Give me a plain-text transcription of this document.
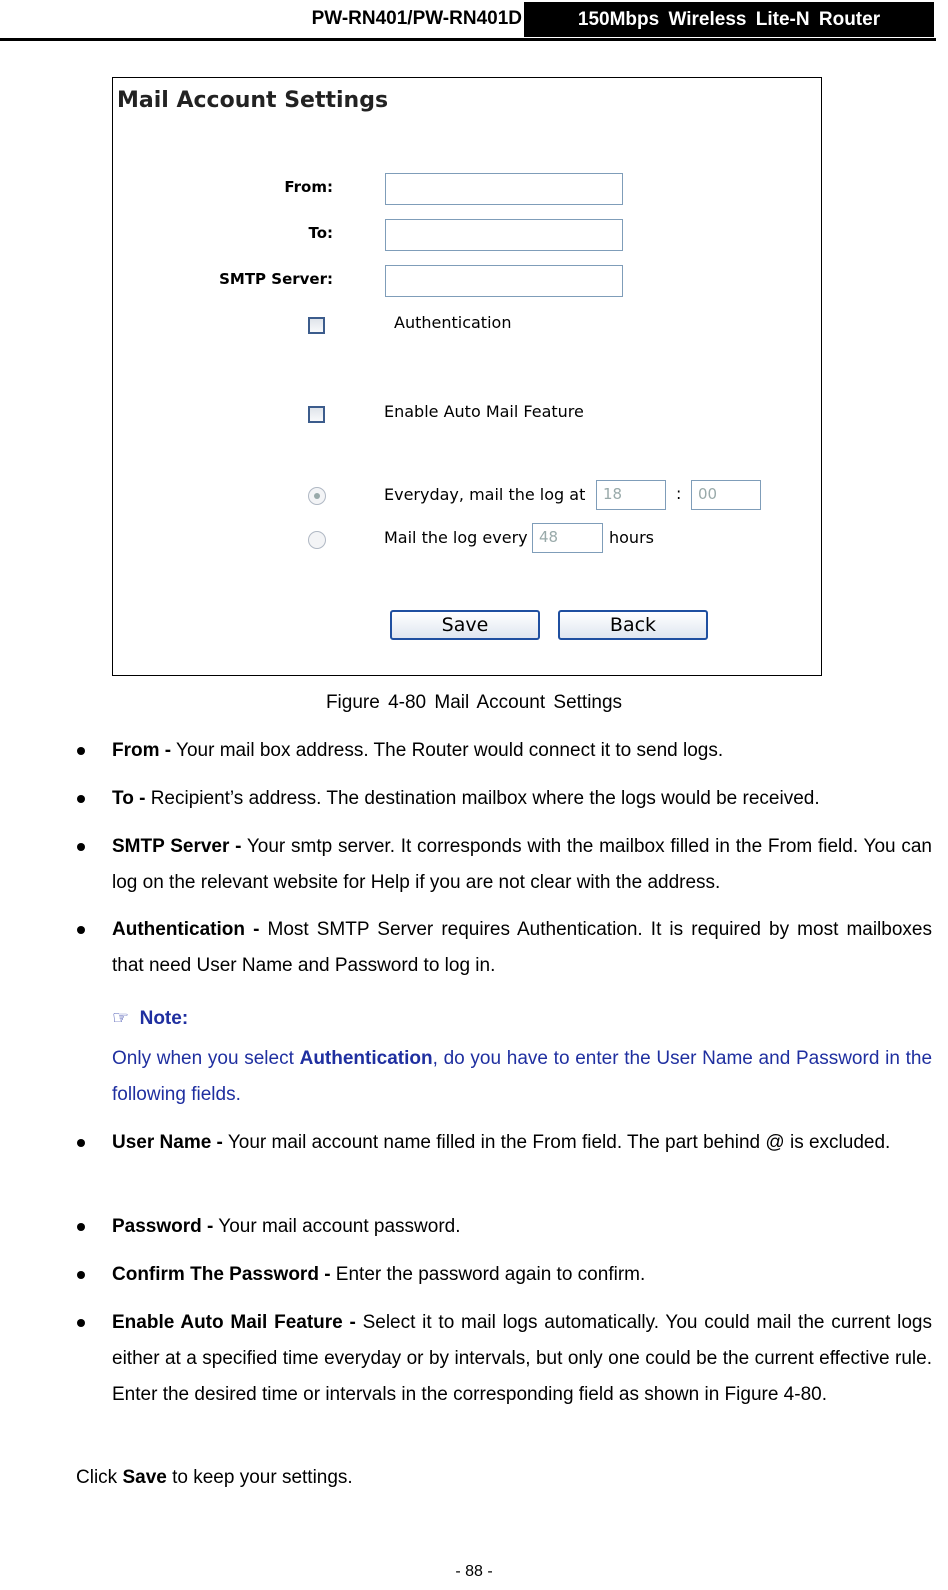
PW-RN401/PW-RN401D	150Mbps Wireless Lite-N Router
Mail Account Settings
From:
To:
SMTP Server:
Authentication
Enable Auto Mail Feature
Everyday, mail the log at	18	:	00
Mail the log every 48	hours
Save	Back
Figure 4-80 Mail Account Settings
From - Your mail box address. The Router would connect it to send logs.
To - Recipient’s address. The destination mailbox where the logs would be received.
SMTP Server - Your smtp server. It corresponds with the mailbox filled in the From field. You can log on the relevant website for Help if you are not clear with the address.
Authentication - Most SMTP Server requires Authentication. It is required by most mailboxes that need User Name and Password to log in.
☞ Note:
Only when you select Authentication, do you have to enter the User Name and Password in the following fields.
User Name - Your mail account name filled in the From field. The part behind @ is excluded.
Password - Your mail account password.
Confirm The Password - Enter the password again to confirm.
Enable Auto Mail Feature - Select it to mail logs automatically. You could mail the current logs either at a specified time everyday or by intervals, but only one could be the current effective rule. Enter the desired time or intervals in the corresponding field as shown in Figure 4-80.
Click Save to keep your settings.
- 88 -
